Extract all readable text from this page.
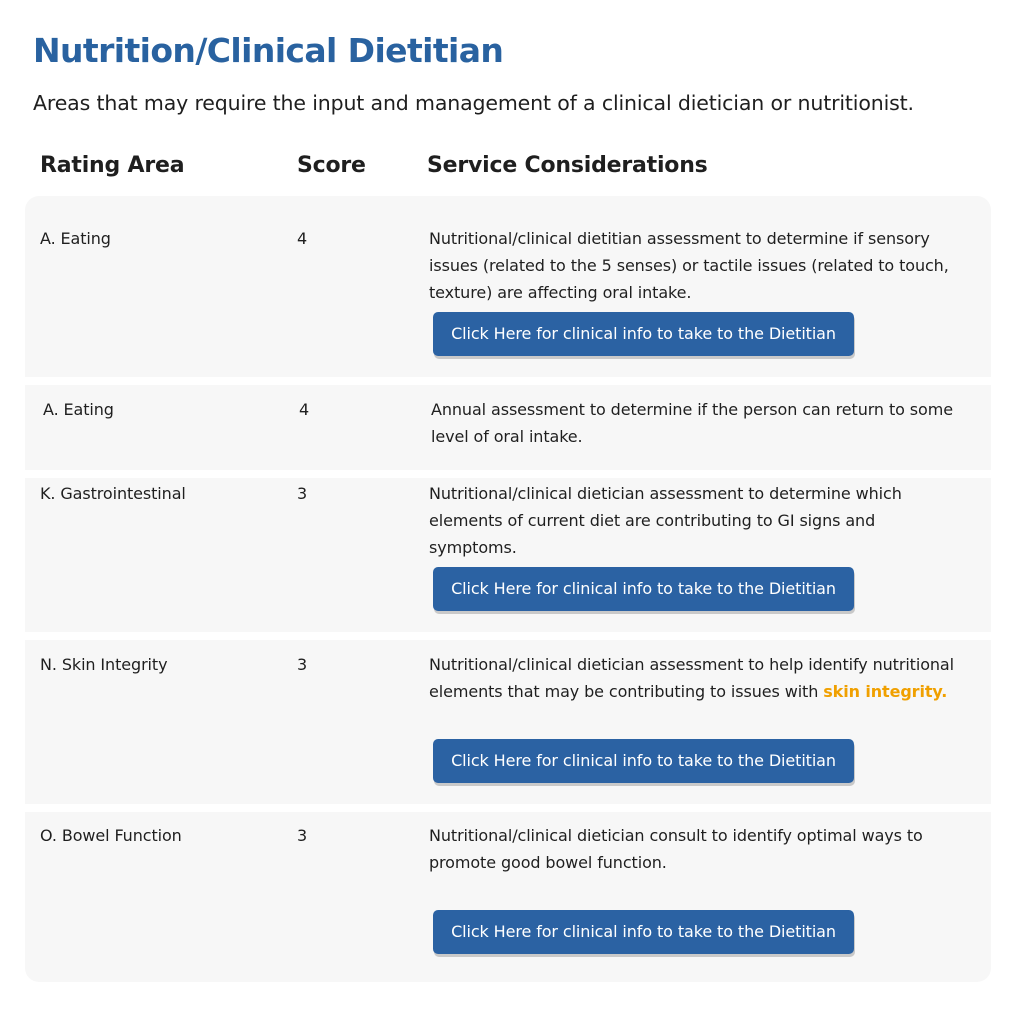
Nutrition/Clinical Dietitian

Areas that may require the input and management of a clinical dietician or nutritionist.

Rating Area	Score	Service Considerations
A. Eating	4	Nutritional/clinical dietitian assessment to determine if sensory issues (related to the 5 senses) or tactile issues (related to touch, texture) are affecting oral intake.
Click Here for clinical info to take to the Dietitian
A. Eating	4	Annual assessment to determine if the person can return to some level of oral intake.
K. Gastrointestinal	3	Nutritional/clinical dietician assessment to determine which elements of current diet are contributing to GI signs and symptoms.
Click Here for clinical info to take to the Dietitian
N. Skin Integrity	3	Nutritional/clinical dietician assessment to help identify nutritional elements that may be contributing to issues with skin integrity.
Click Here for clinical info to take to the Dietitian
O. Bowel Function	3	Nutritional/clinical dietician consult to identify optimal ways to promote good bowel function.
Click Here for clinical info to take to the Dietitian
